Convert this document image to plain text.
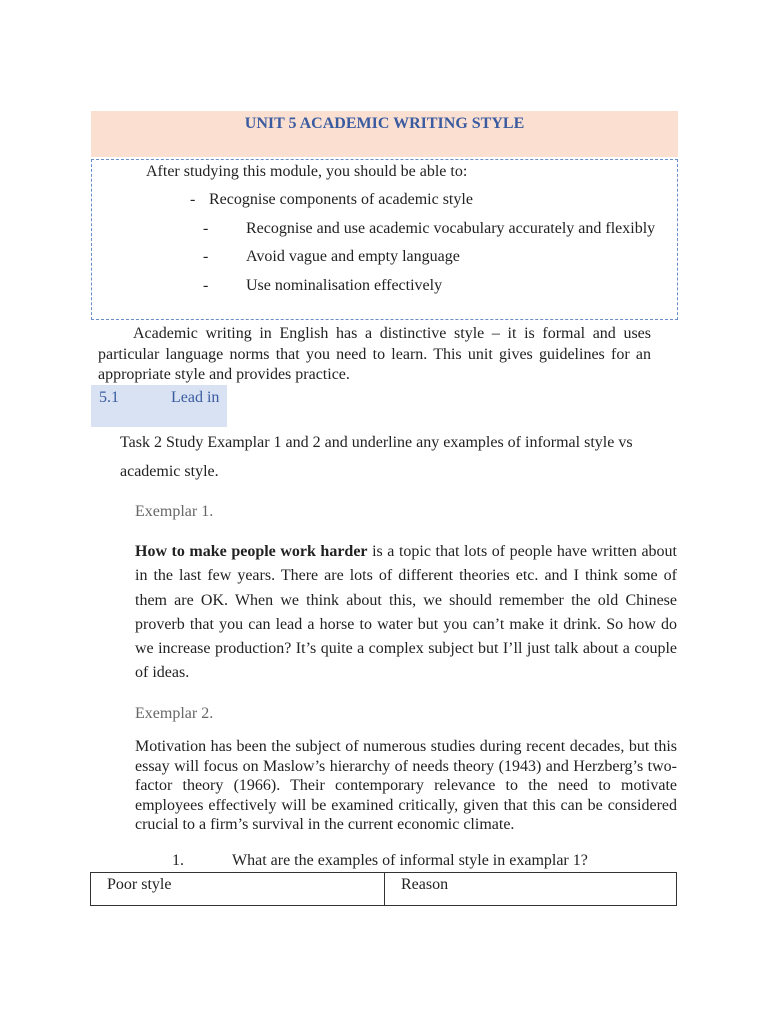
UNIT 5 ACADEMIC WRITING STYLE
After studying this module, you should be able to:
- Recognise components of academic style
- Recognise and use academic vocabulary accurately and flexibly
- Avoid vague and empty language
- Use nominalisation effectively
Academic writing in English has a distinctive style – it is formal and uses particular language norms that you need to learn. This unit gives guidelines for an appropriate style and provides practice.
5.1	Lead in
Task 2 Study Examplar 1 and 2 and underline any examples of informal style vs academic style.
Exemplar 1.
How to make people work harder is a topic that lots of people have written about in the last few years. There are lots of different theories etc. and I think some of them are OK. When we think about this, we should remember the old Chinese proverb that you can lead a horse to water but you can’t make it drink. So how do we increase production? It’s quite a complex subject but I’ll just talk about a couple of ideas.
Exemplar 2.
Motivation has been the subject of numerous studies during recent decades, but this essay will focus on Maslow’s hierarchy of needs theory (1943) and Herzberg’s two-factor theory (1966). Their contemporary relevance to the need to motivate employees effectively will be examined critically, given that this can be considered crucial to a firm’s survival in the current economic climate.
1.	What are the examples of informal style in examplar 1?
Poor style	Reason
